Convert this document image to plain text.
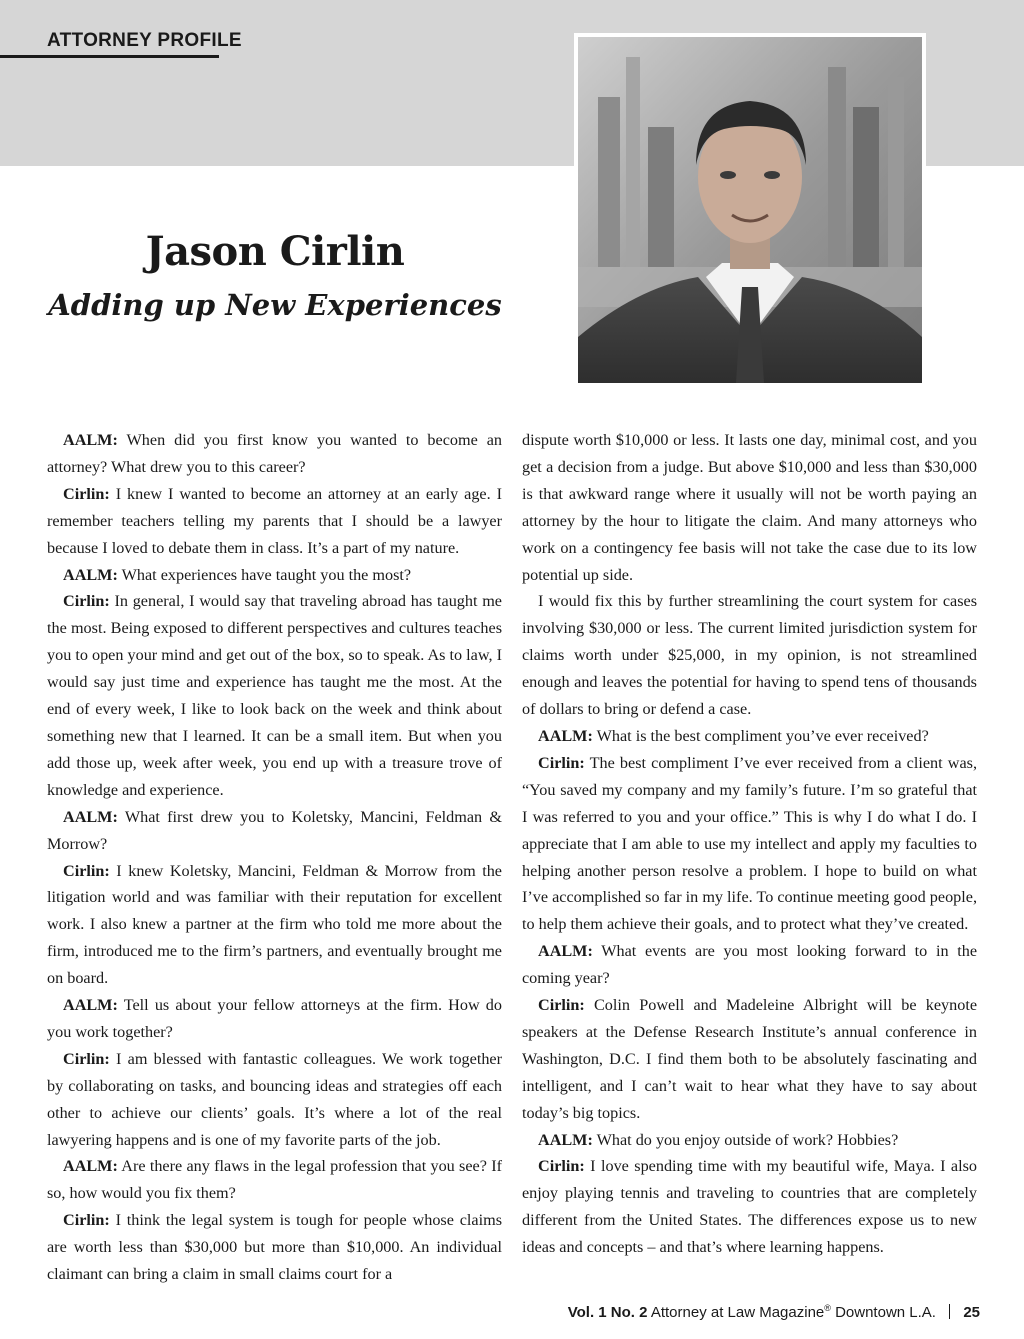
ATTORNEY PROFILE
Jason Cirlin
Adding up New Experiences

AALM: When did you first know you wanted to become an attorney? What drew you to this career?

Cirlin: I knew I wanted to become an attorney at an early age. I remember teachers telling my parents that I should be a lawyer because I loved to debate them in class. It’s a part of my nature.

AALM: What experiences have taught you the most?

Cirlin: In general, I would say that traveling abroad has taught me the most. Being exposed to different perspectives and cultures teaches you to open your mind and get out of the box, so to speak. As to law, I would say just time and experience has taught me the most. At the end of every week, I like to look back on the week and think about something new that I learned. It can be a small item. But when you add those up, week after week, you end up with a treasure trove of knowledge and experience.

AALM: What first drew you to Koletsky, Mancini, Feldman & Morrow?

Cirlin: I knew Koletsky, Mancini, Feldman & Morrow from the litigation world and was familiar with their reputation for excellent work. I also knew a partner at the firm who told me more about the firm, introduced me to the firm’s partners, and eventually brought me on board.

AALM: Tell us about your fellow attorneys at the firm. How do you work together?

Cirlin: I am blessed with fantastic colleagues. We work together by collaborating on tasks, and bouncing ideas and strategies off each other to achieve our clients’ goals. It’s where a lot of the real lawyering happens and is one of my favorite parts of the job.

AALM: Are there any flaws in the legal profession that you see? If so, how would you fix them?

Cirlin: I think the legal system is tough for people whose claims are worth less than $30,000 but more than $10,000. An individual claimant can bring a claim in small claims court for a

dispute worth $10,000 or less. It lasts one day, minimal cost, and you get a decision from a judge. But above $10,000 and less than $30,000 is that awkward range where it usually will not be worth paying an attorney by the hour to litigate the claim. And many attorneys who work on a contingency fee basis will not take the case due to its low potential up side.

I would fix this by further streamlining the court system for cases involving $30,000 or less. The current limited jurisdiction system for claims worth under $25,000, in my opinion, is not streamlined enough and leaves the potential for having to spend tens of thousands of dollars to bring or defend a case.

AALM: What is the best compliment you’ve ever received?

Cirlin: The best compliment I’ve ever received from a client was, “You saved my company and my family’s future. I’m so grateful that I was referred to you and your office.” This is why I do what I do. I appreciate that I am able to use my intellect and apply my faculties to helping another person resolve a problem. I hope to build on what I’ve accomplished so far in my life. To continue meeting good people, to help them achieve their goals, and to protect what they’ve created.

AALM: What events are you most looking forward to in the coming year?

Cirlin: Colin Powell and Madeleine Albright will be keynote speakers at the Defense Research Institute’s annual conference in Washington, D.C. I find them both to be absolutely fascinating and intelligent, and I can’t wait to hear what they have to say about today’s big topics.

AALM: What do you enjoy outside of work? Hobbies?

Cirlin: I love spending time with my beautiful wife, Maya. I also enjoy playing tennis and traveling to countries that are completely different from the United States. The differences expose us to new ideas and concepts – and that’s where learning happens.

Vol. 1 No. 2 Attorney at Law Magazine® Downtown L.A. 25
